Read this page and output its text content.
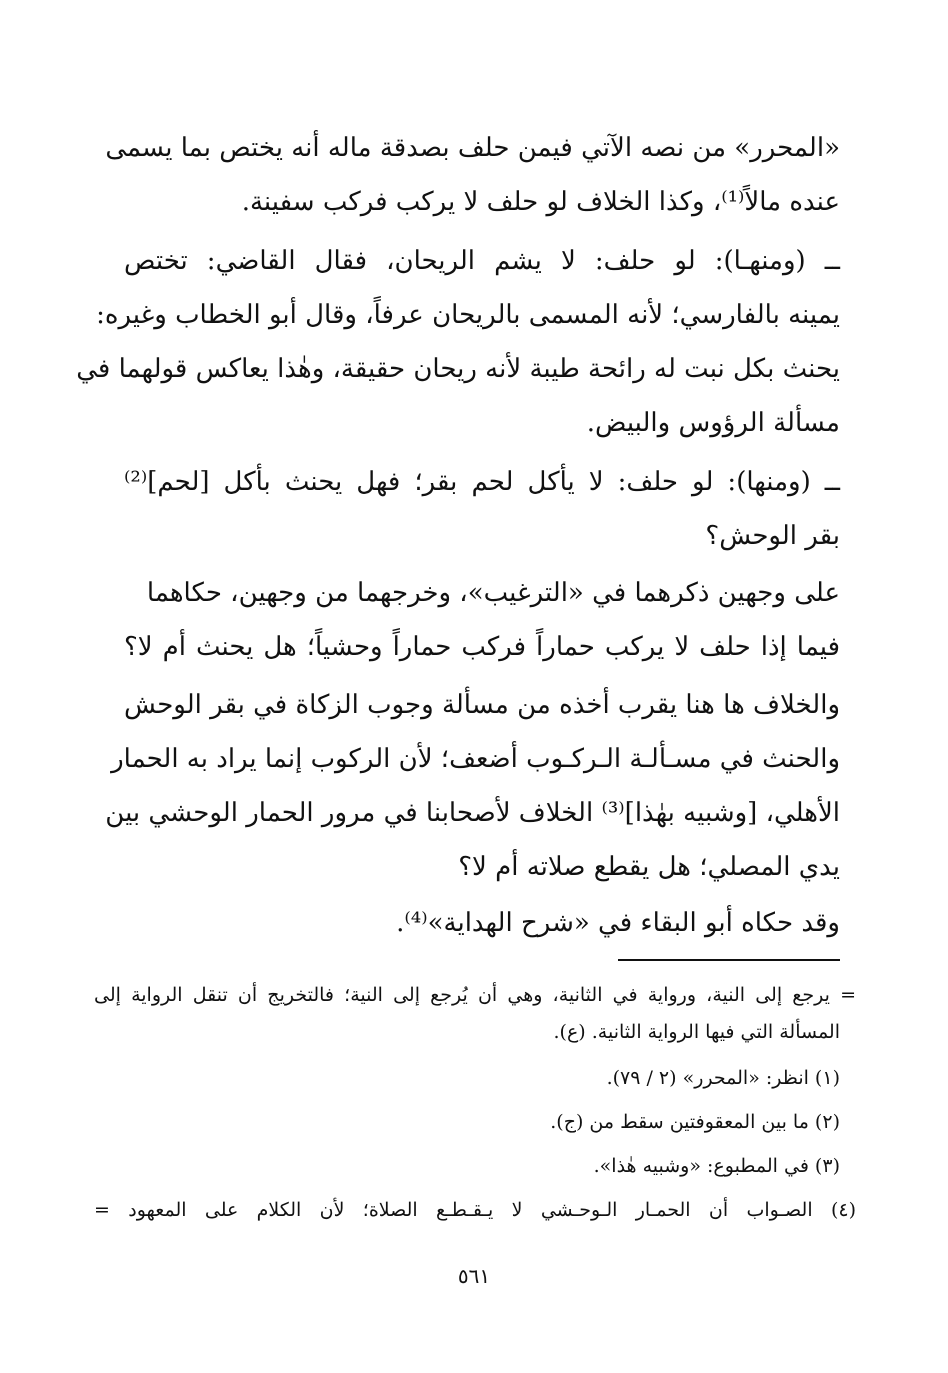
«المحرر» من نصه الآتي فيمن حلف بصدقة ماله أنه يختص بما يسمى
عنده مالاً⁽¹⁾، وكذا الخلاف لو حلف لا يركب فركب سفينة.
ــ (ومنهـا): لو حلف: لا يشم الريحان، فقال القاضي: تختص
يمينه بالفارسي؛ لأنه المسمى بالريحان عرفاً، وقال أبو الخطاب وغيره:
يحنث بكل نبت له رائحة طيبة لأنه ريحان حقيقة، وهٰذا يعاكس قولهما في
مسألة الرؤوس والبيض.
ــ (ومنها): لو حلف: لا يأكل لحم بقر؛ فهل يحنث بأكل [لحم]⁽²⁾
بقر الوحش؟
على وجهين ذكرهما في «الترغيب»، وخرجهما من وجهين، حكاهما
فيما إذا حلف لا يركب حماراً فركب حماراً وحشياً؛ هل يحنث أم لا؟
والخلاف ها هنا يقرب أخذه من مسألة وجوب الزكاة في بقر الوحش
والحنث في مسـألـة الـركـوب أضعف؛ لأن الركوب إنما يراد به الحمار
الأهلي، [وشبيه بهٰذا]⁽³⁾ الخلاف لأصحابنا في مرور الحمار الوحشي بين
يدي المصلي؛ هل يقطع صلاته أم لا؟
وقد حكاه أبو البقاء في «شرح الهداية»⁽⁴⁾.
= يرجع إلى النية، ورواية في الثانية، وهي أن يُرجع إلى النية؛ فالتخريج أن تنقل الرواية إلى
المسألة التي فيها الرواية الثانية. (ع).
(١) انظر: «المحرر» (٢ / ٧٩).
(٢) ما بين المعقوفتين سقط من (ج).
(٣) في المطبوع: «وشبيه هٰذا».
(٤) الصـواب أن الحمـار الـوحـشي لا يـقـطـع الصلاة؛ لأن الكلام على المعهود =
٥٦١
